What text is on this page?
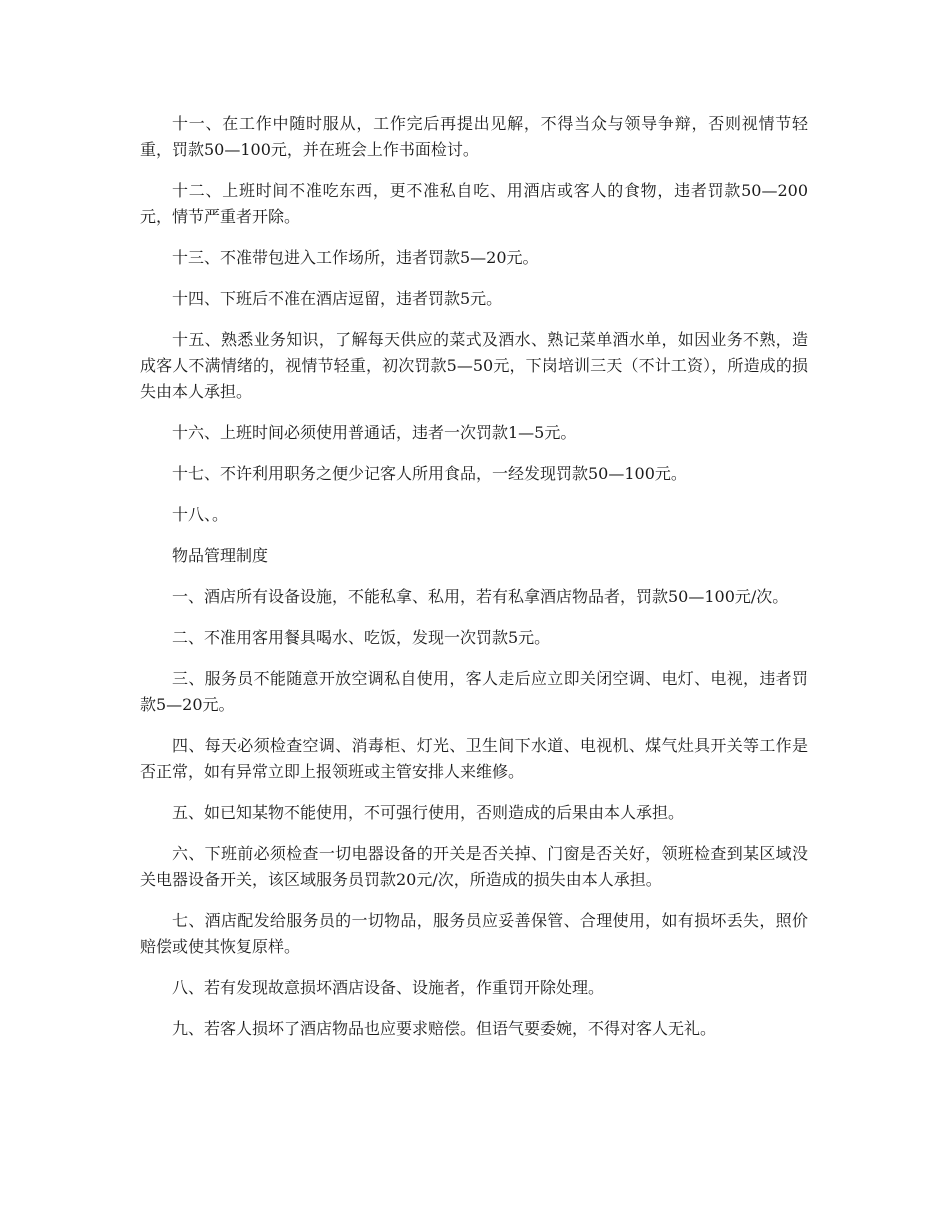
十一、在工作中随时服从，工作完后再提出见解，不得当众与领导争辩，否则视情节轻重，罚款50—100元，并在班会上作书面检讨。

十二、上班时间不准吃东西，更不准私自吃、用酒店或客人的食物，违者罚款50—200元，情节严重者开除。

十三、不准带包进入工作场所，违者罚款5—20元。

十四、下班后不准在酒店逗留，违者罚款5元。

十五、熟悉业务知识，了解每天供应的菜式及酒水、熟记菜单酒水单，如因业务不熟，造成客人不满情绪的，视情节轻重，初次罚款5—50元，下岗培训三天（不计工资），所造成的损失由本人承担。

十六、上班时间必须使用普通话，违者一次罚款1—5元。

十七、不许利用职务之便少记客人所用食品，一经发现罚款50—100元。

十八、。

物品管理制度

一、酒店所有设备设施，不能私拿、私用，若有私拿酒店物品者，罚款50—100元/次。

二、不准用客用餐具喝水、吃饭，发现一次罚款5元。

三、服务员不能随意开放空调私自使用，客人走后应立即关闭空调、电灯、电视，违者罚款5—20元。

四、每天必须检查空调、消毒柜、灯光、卫生间下水道、电视机、煤气灶具开关等工作是否正常，如有异常立即上报领班或主管安排人来维修。

五、如已知某物不能使用，不可强行使用，否则造成的后果由本人承担。

六、下班前必须检查一切电器设备的开关是否关掉、门窗是否关好，领班检查到某区域没关电器设备开关，该区域服务员罚款20元/次，所造成的损失由本人承担。

七、酒店配发给服务员的一切物品，服务员应妥善保管、合理使用，如有损坏丢失，照价赔偿或使其恢复原样。

八、若有发现故意损坏酒店设备、设施者，作重罚开除处理。

九、若客人损坏了酒店物品也应要求赔偿。但语气要委婉，不得对客人无礼。
